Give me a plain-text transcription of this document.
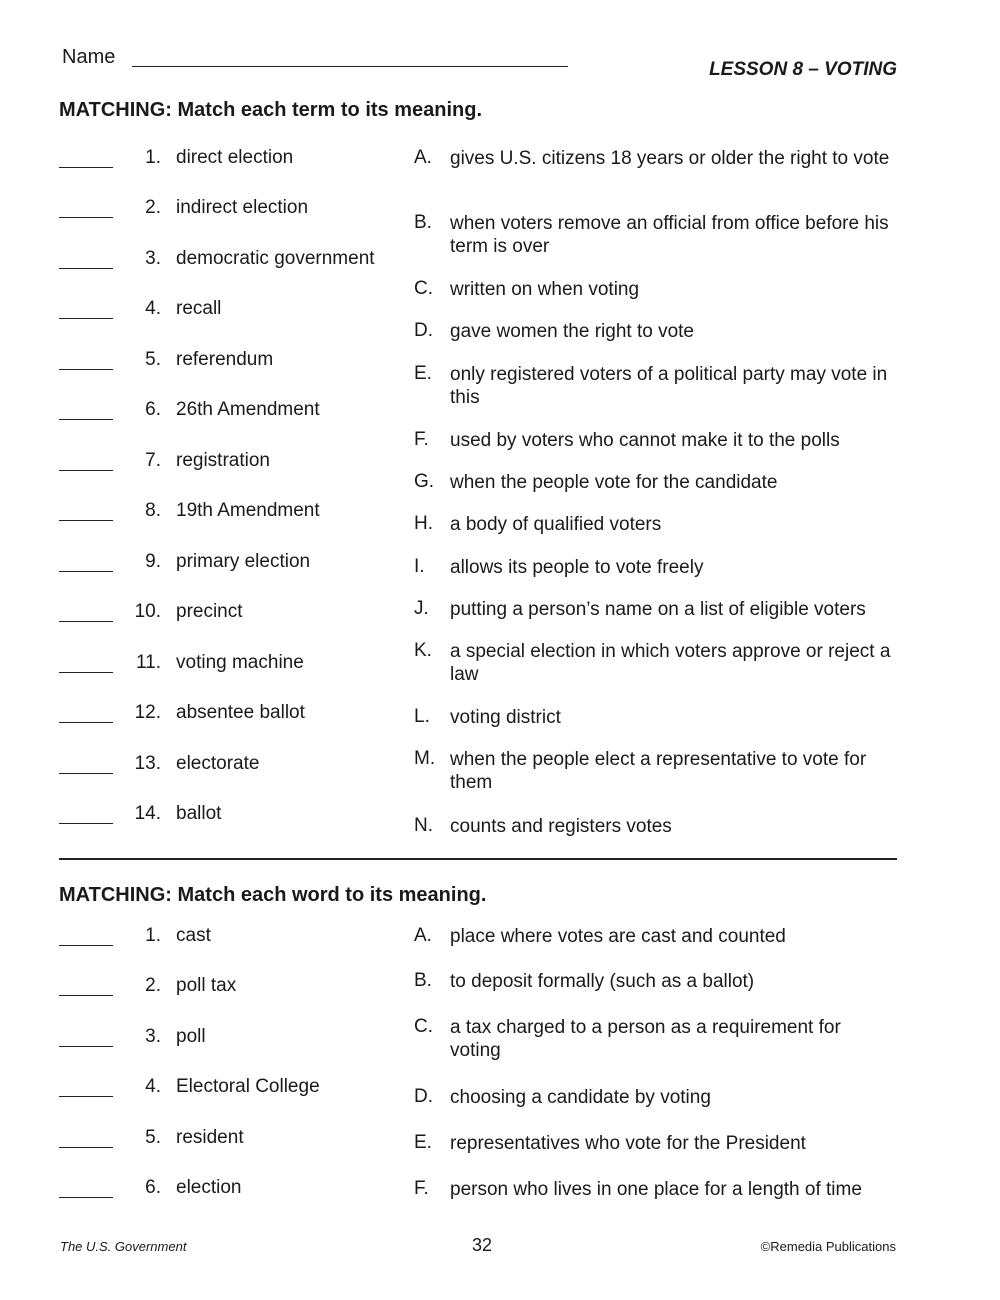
Name
LESSON 8 – VOTING
MATCHING: Match each term to its meaning.
1. direct election
2. indirect election
3. democratic government
4. recall
5. referendum
6. 26th Amendment
7. registration
8. 19th Amendment
9. primary election
10. precinct
11. voting machine
12. absentee ballot
13. electorate
14. ballot
A. gives U.S. citizens 18 years or older the right to vote
B. when voters remove an official from office before his term is over
C. written on when voting
D. gave women the right to vote
E. only registered voters of a political party may vote in this
F. used by voters who cannot make it to the polls
G. when the people vote for the candidate
H. a body of qualified voters
I. allows its people to vote freely
J. putting a person’s name on a list of eligible voters
K. a special election in which voters approve or reject a law
L. voting district
M. when the people elect a representative to vote for them
N. counts and registers votes
MATCHING: Match each word to its meaning.
1. cast
2. poll tax
3. poll
4. Electoral College
5. resident
6. election
A. place where votes are cast and counted
B. to deposit formally (such as a ballot)
C. a tax charged to a person as a requirement for voting
D. choosing a candidate by voting
E. representatives who vote for the President
F. person who lives in one place for a length of time
The U.S. Government	32	©Remedia Publications
